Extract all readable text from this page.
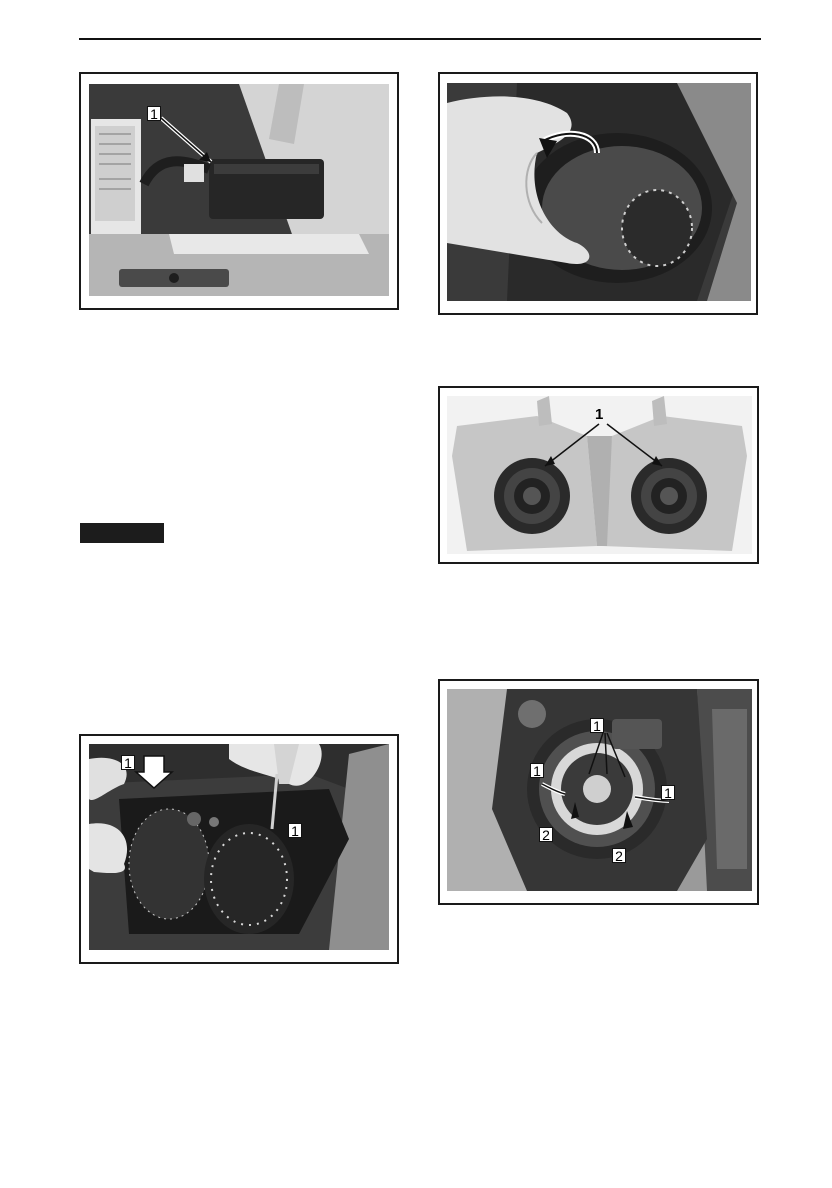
1
1
1
1
1
1
1
2
2
